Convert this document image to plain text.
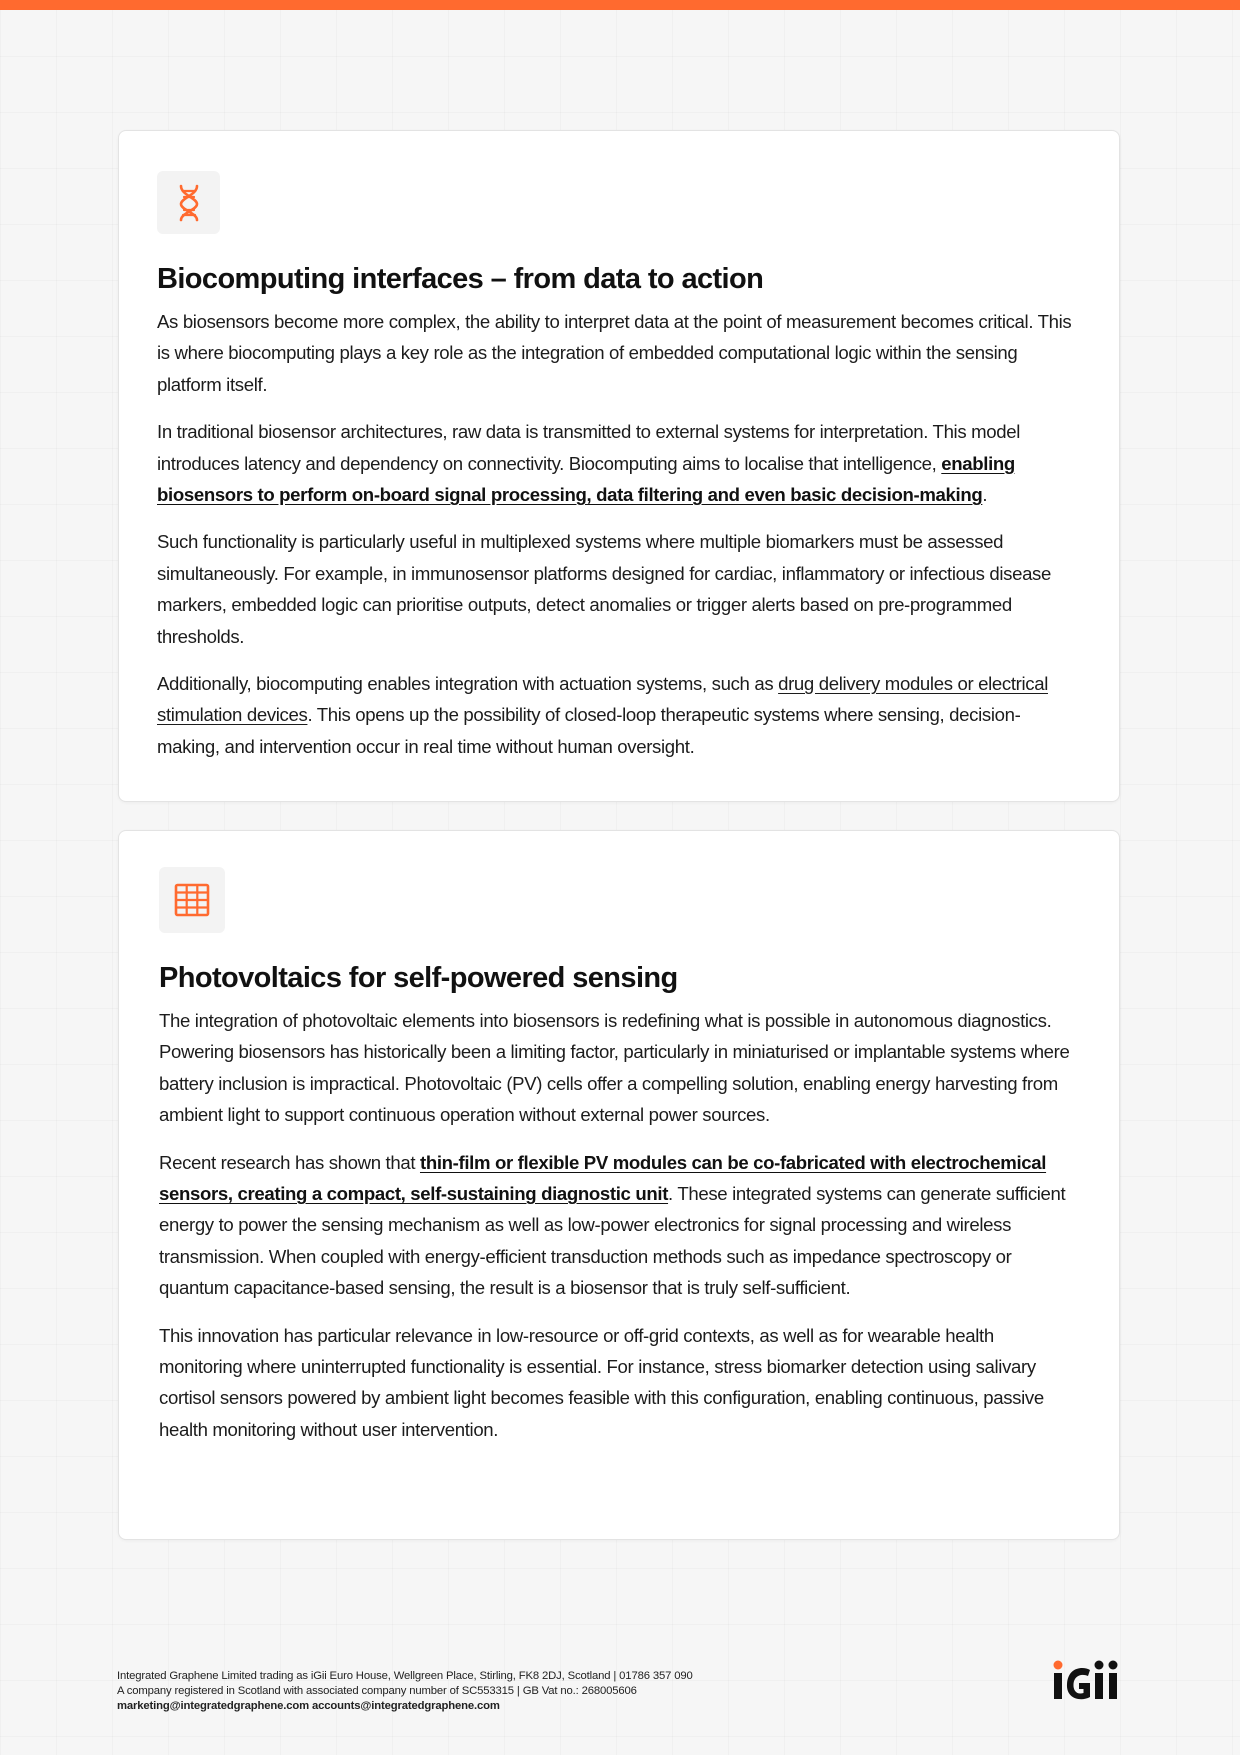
Biocomputing interfaces – from data to action

As biosensors become more complex, the ability to interpret data at the point of measurement becomes critical. This is where biocomputing plays a key role as the integration of embedded computational logic within the sensing platform itself.

In traditional biosensor architectures, raw data is transmitted to external systems for interpretation. This model introduces latency and dependency on connectivity. Biocomputing aims to localise that intelligence, enabling biosensors to perform on-board signal processing, data filtering and even basic decision-making.

Such functionality is particularly useful in multiplexed systems where multiple biomarkers must be assessed simultaneously. For example, in immunosensor platforms designed for cardiac, inflammatory or infectious disease markers, embedded logic can prioritise outputs, detect anomalies or trigger alerts based on pre-programmed thresholds.

Additionally, biocomputing enables integration with actuation systems, such as drug delivery modules or electrical stimulation devices. This opens up the possibility of closed-loop therapeutic systems where sensing, decision-making, and intervention occur in real time without human oversight.

Photovoltaics for self-powered sensing

The integration of photovoltaic elements into biosensors is redefining what is possible in autonomous diagnostics. Powering biosensors has historically been a limiting factor, particularly in miniaturised or implantable systems where battery inclusion is impractical. Photovoltaic (PV) cells offer a compelling solution, enabling energy harvesting from ambient light to support continuous operation without external power sources.

Recent research has shown that thin-film or flexible PV modules can be co-fabricated with electrochemical sensors, creating a compact, self-sustaining diagnostic unit. These integrated systems can generate sufficient energy to power the sensing mechanism as well as low-power electronics for signal processing and wireless transmission. When coupled with energy-efficient transduction methods such as impedance spectroscopy or quantum capacitance-based sensing, the result is a biosensor that is truly self-sufficient.

This innovation has particular relevance in low-resource or off-grid contexts, as well as for wearable health monitoring where uninterrupted functionality is essential. For instance, stress biomarker detection using salivary cortisol sensors powered by ambient light becomes feasible with this configuration, enabling continuous, passive health monitoring without user intervention.

Integrated Graphene Limited trading as iGii Euro House, Wellgreen Place, Stirling, FK8 2DJ, Scotland | 01786 357 090
A company registered in Scotland with associated company number of SC553315 | GB Vat no.: 268005606
marketing@integratedgraphene.com accounts@integratedgraphene.com
